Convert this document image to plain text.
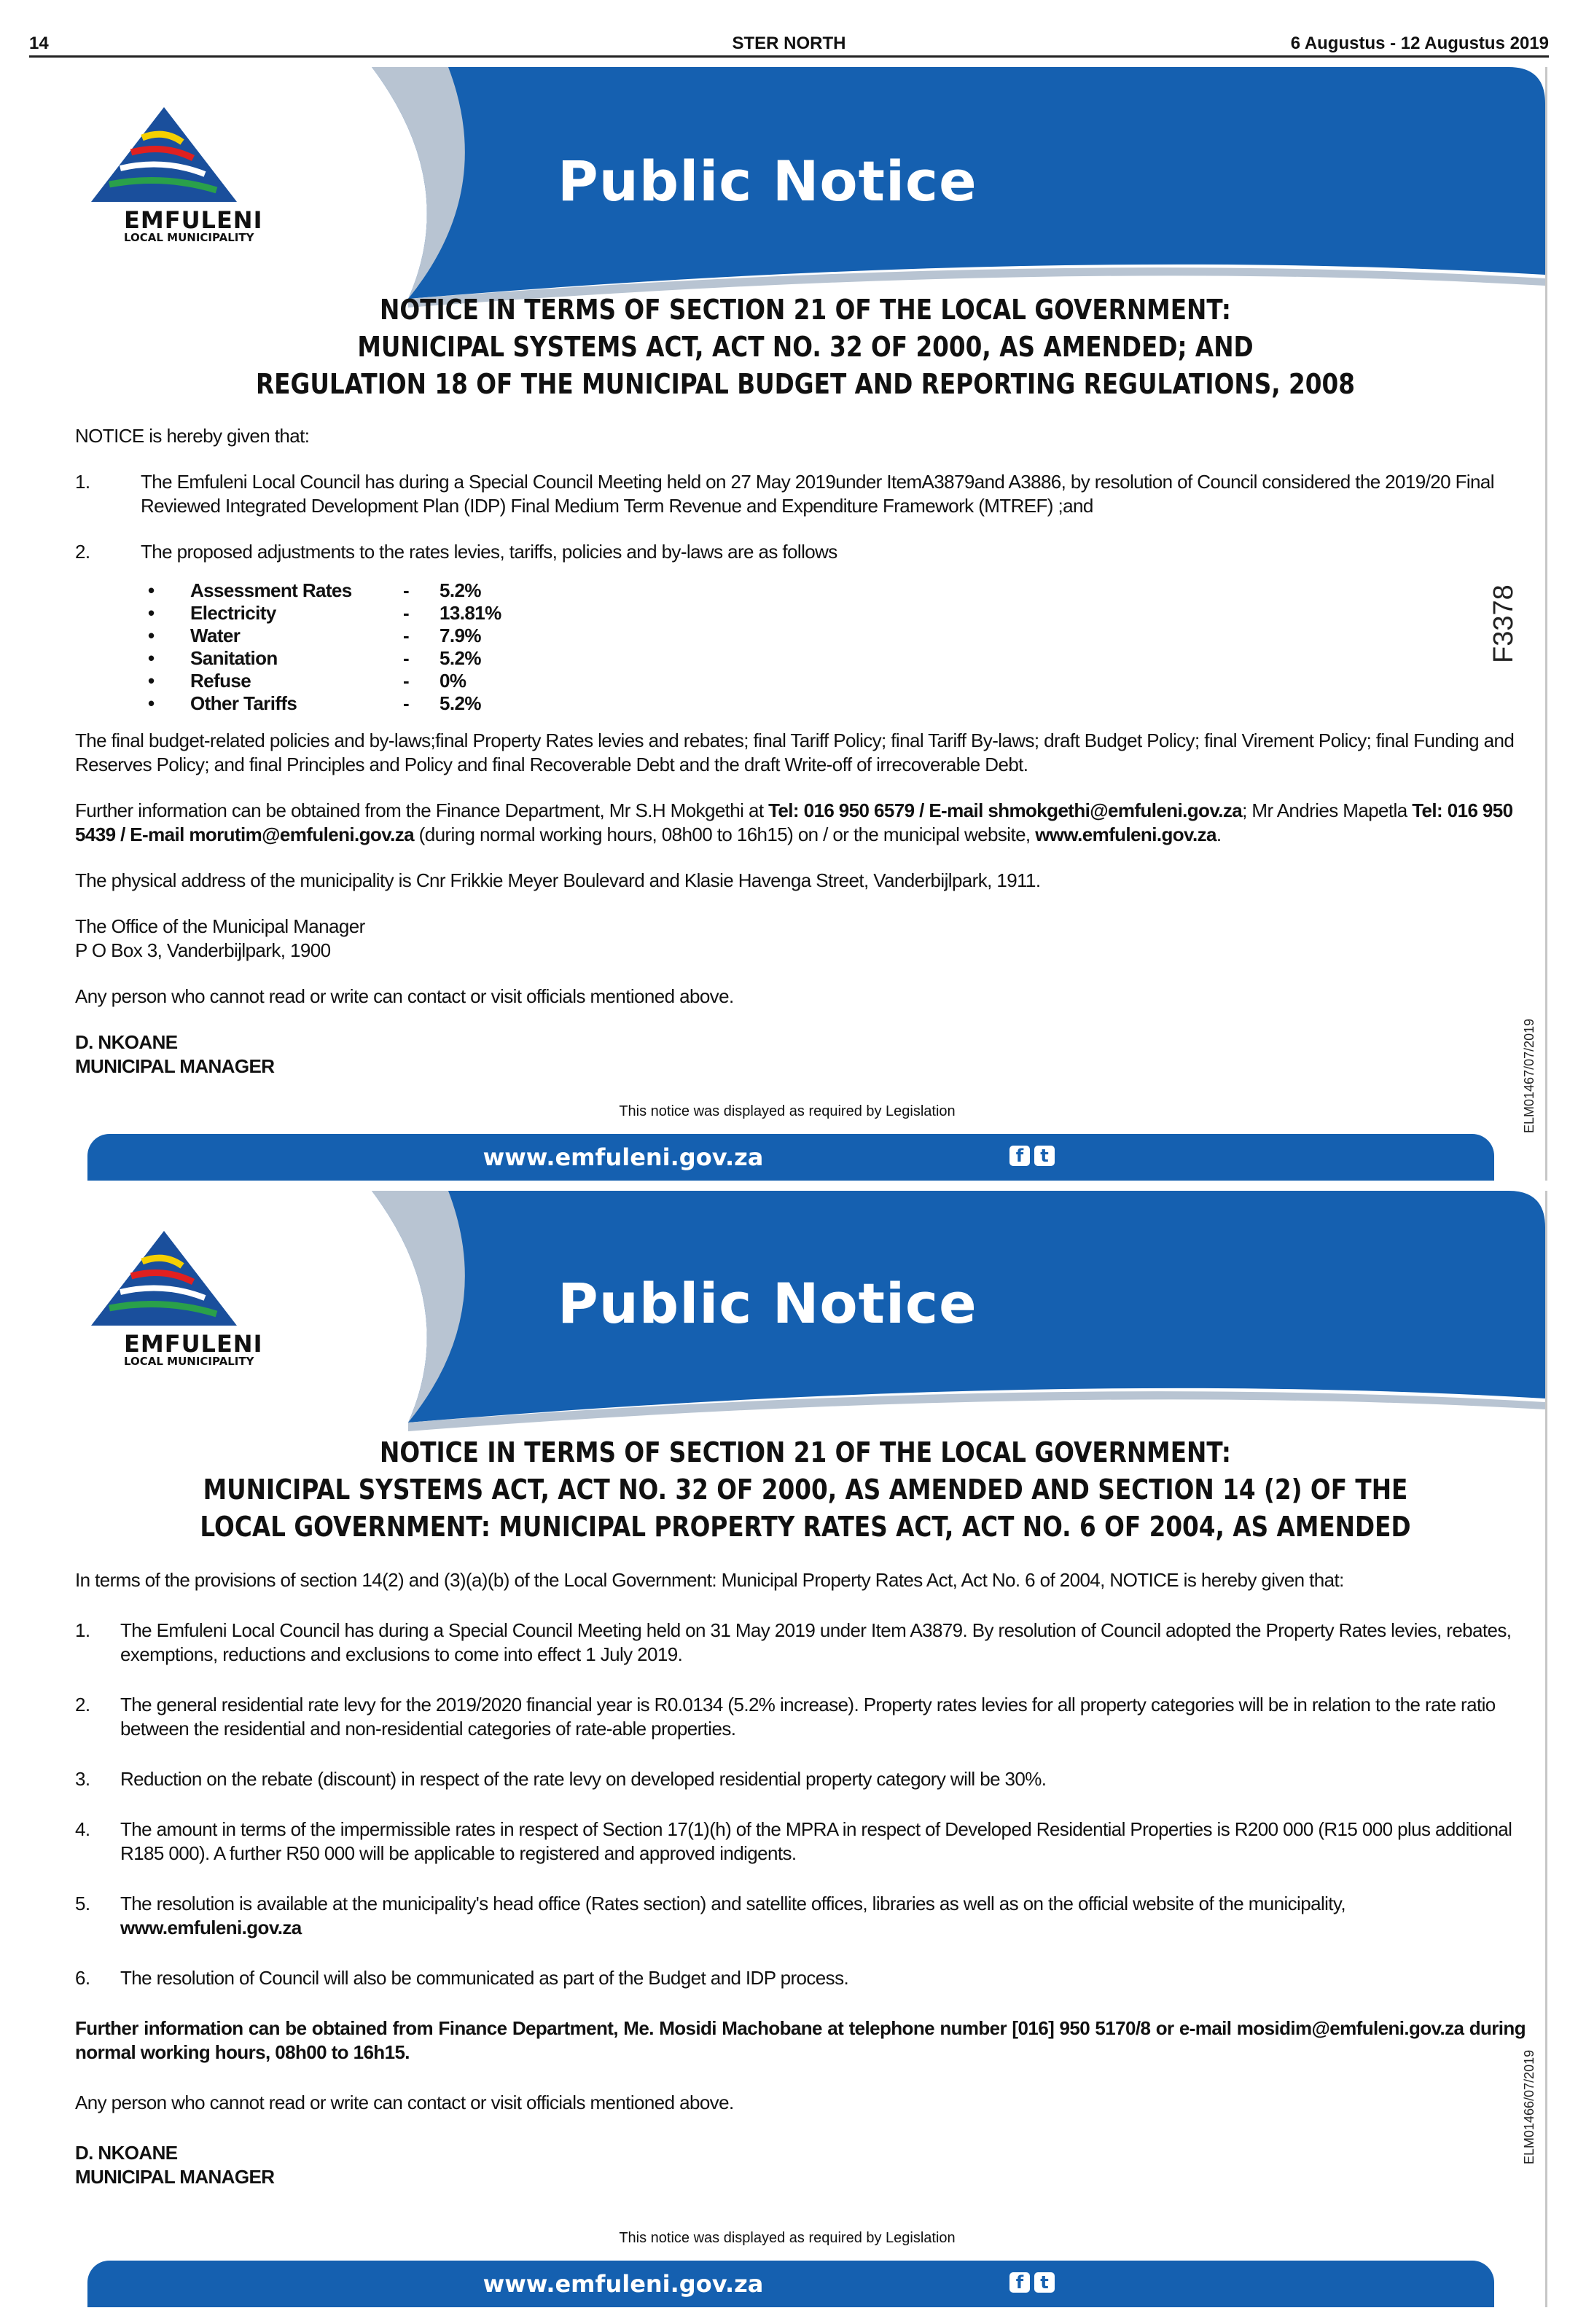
14	STER NORTH	6 Augustus - 12 Augustus 2019
EMFULENI
LOCAL MUNICIPALITY
Public Notice
NOTICE IN TERMS OF SECTION 21 OF THE LOCAL GOVERNMENT:
MUNICIPAL SYSTEMS ACT, ACT NO. 32 OF 2000, AS AMENDED; AND
REGULATION 18 OF THE MUNICIPAL BUDGET AND REPORTING REGULATIONS, 2008

NOTICE is hereby given that:

1.	The Emfuleni Local Council has during a Special Council Meeting held on 27 May 2019under ItemA3879and A3886, by resolution of Council considered the 2019/20 Final Reviewed Integrated Development Plan (IDP) Final Medium Term Revenue and Expenditure Framework (MTREF) ;and
2.	The proposed adjustments to the rates levies, tariffs, policies and by-laws are as follows
• Assessment Rates	- 5.2%
• Electricity	- 13.81%
• Water	- 7.9%
• Sanitation	- 5.2%
• Refuse	- 0%
• Other Tariffs	- 5.2%

The final budget-related policies and by-laws;final Property Rates levies and rebates; final Tariff Policy; final Tariff By-laws; draft Budget Policy; final Virement Policy; final Funding and Reserves Policy; and final Principles and Policy and final Recoverable Debt and the draft Write-off of irrecoverable Debt.

Further information can be obtained from the Finance Department, Mr S.H Mokgethi at Tel: 016 950 6579 / E-mail shmokgethi@emfuleni.gov.za; Mr Andries Mapetla Tel: 016 950 5439 / E-mail morutim@emfuleni.gov.za (during normal working hours, 08h00 to 16h15) on / or the municipal website, www.emfuleni.gov.za.

The physical address of the municipality is Cnr Frikkie Meyer Boulevard and Klasie Havenga Street, Vanderbijlpark, 1911.

The Office of the Municipal Manager
P O Box 3, Vanderbijlpark, 1900

Any person who cannot read or write can contact or visit officials mentioned above.

D. NKOANE
MUNICIPAL MANAGER
This notice was displayed as required by Legislation
www.emfuleni.gov.za	f t
EMFULENI
LOCAL MUNICIPALITY
Public Notice
NOTICE IN TERMS OF SECTION 21 OF THE LOCAL GOVERNMENT:
MUNICIPAL SYSTEMS ACT, ACT NO. 32 OF 2000, AS AMENDED AND SECTION 14 (2) OF THE
LOCAL GOVERNMENT: MUNICIPAL PROPERTY RATES ACT, ACT NO. 6 OF 2004, AS AMENDED

In terms of the provisions of section 14(2) and (3)(a)(b) of the Local Government: Municipal Property Rates Act, Act No. 6 of 2004, NOTICE is hereby given that:

1. The Emfuleni Local Council has during a Special Council Meeting held on 31 May 2019 under Item A3879. By resolution of Council adopted the Property Rates levies, rebates, exemptions, reductions and exclusions to come into effect 1 July 2019.
2. The general residential rate levy for the 2019/2020 financial year is R0.0134 (5.2% increase). Property rates levies for all property categories will be in relation to the rate ratio between the residential and non-residential categories of rate-able properties.
3. Reduction on the rebate (discount) in respect of the rate levy on developed residential property category will be 30%.
4. The amount in terms of the impermissible rates in respect of Section 17(1)(h) of the MPRA in respect of Developed Residential Properties is R200 000 (R15 000 plus additional R185 000). A further R50 000 will be applicable to registered and approved indigents.
5. The resolution is available at the municipality's head office (Rates section) and satellite offices, libraries as well as on the official website of the municipality,
www.emfuleni.gov.za
6. The resolution of Council will also be communicated as part of the Budget and IDP process.

Further information can be obtained from Finance Department, Me. Mosidi Machobane at telephone number [016] 950 5170/8 or e-mail mosidim@emfuleni.gov.za during normal working hours, 08h00 to 16h15.

Any person who cannot read or write can contact or visit officials mentioned above.

D. NKOANE
MUNICIPAL MANAGER
This notice was displayed as required by Legislation
www.emfuleni.gov.za	f t
F3378
ELM01467/07/2019
ELM01466/07/2019
